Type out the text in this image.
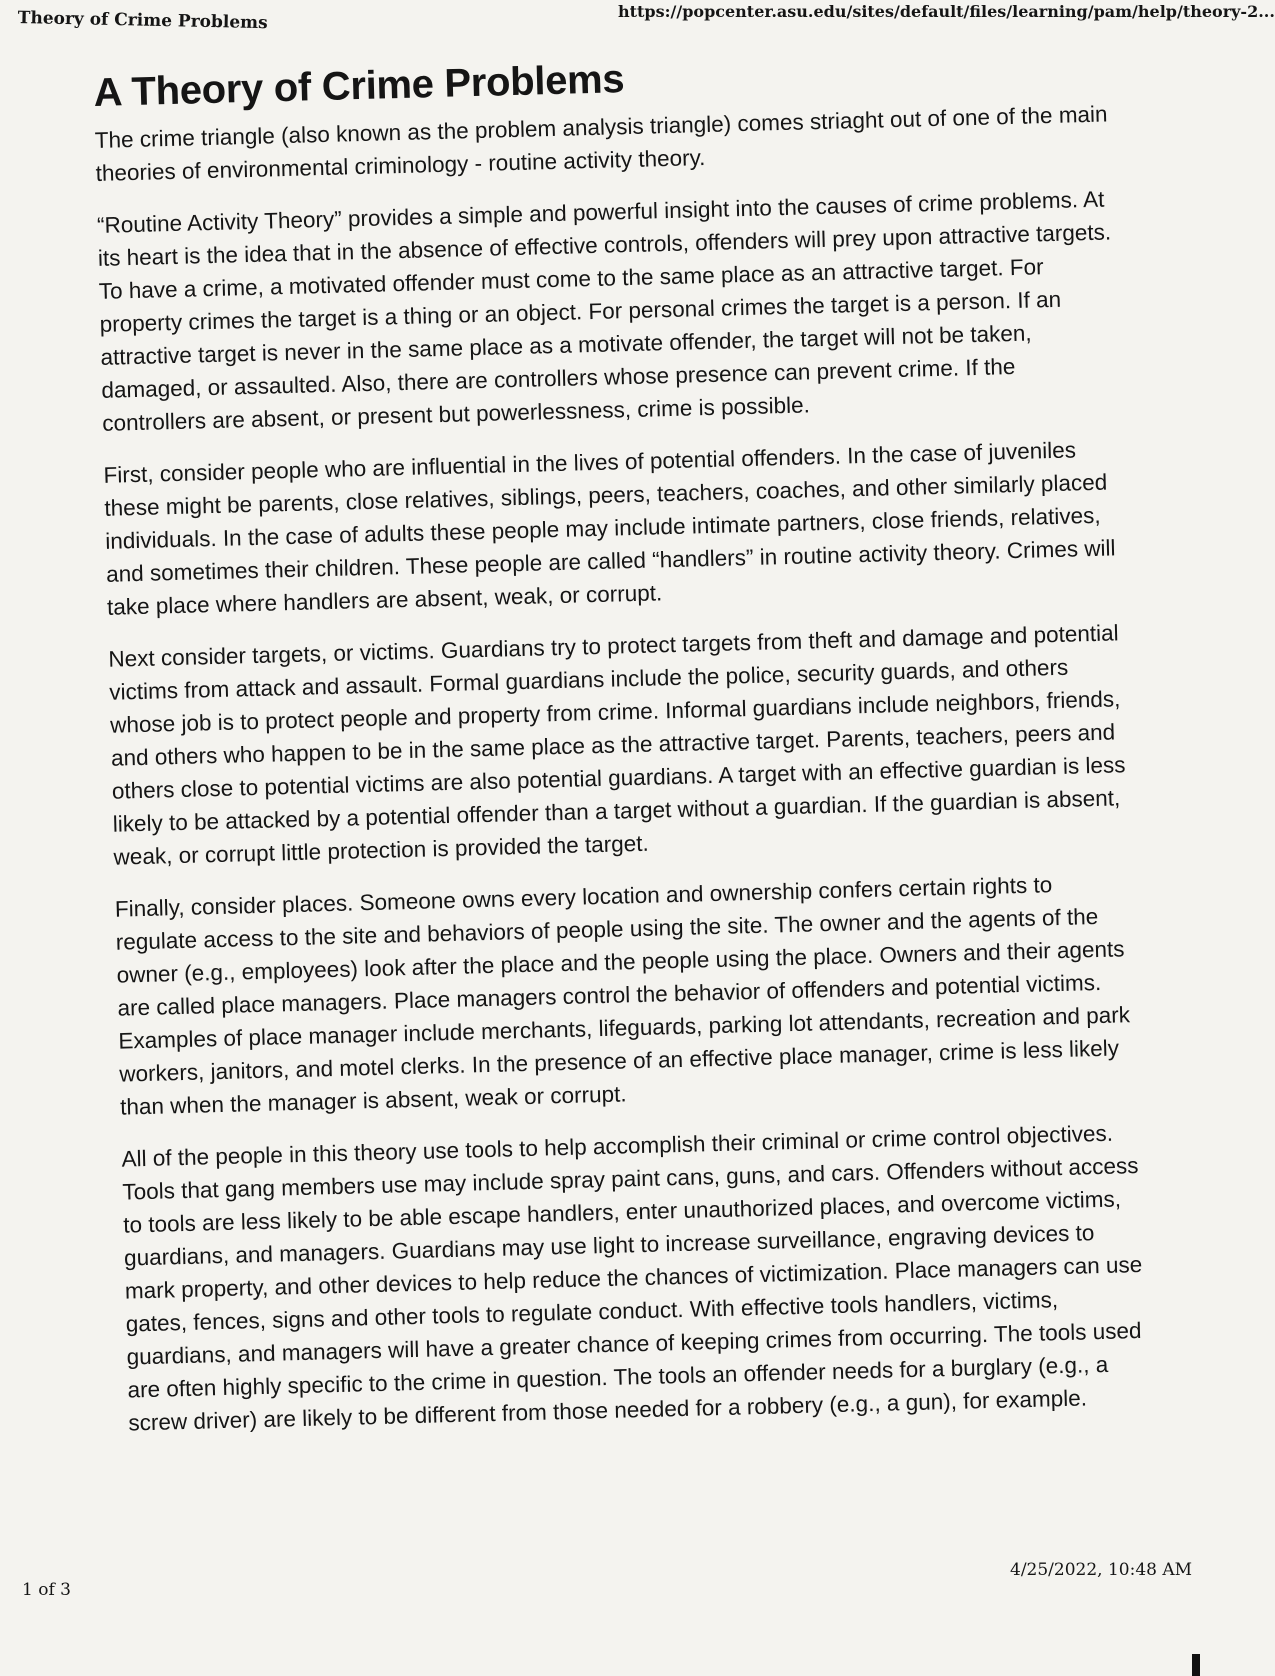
Theory of Crime Problems	https://popcenter.asu.edu/sites/default/files/learning/pam/help/theory-2...
A Theory of Crime Problems

The crime triangle (also known as the problem analysis triangle) comes striaght out of one of the main theories of environmental criminology - routine activity theory.

“Routine Activity Theory” provides a simple and powerful insight into the causes of crime problems. At its heart is the idea that in the absence of effective controls, offenders will prey upon attractive targets. To have a crime, a motivated offender must come to the same place as an attractive target. For property crimes the target is a thing or an object. For personal crimes the target is a person. If an attractive target is never in the same place as a motivate offender, the target will not be taken, damaged, or assaulted. Also, there are controllers whose presence can prevent crime. If the controllers are absent, or present but powerlessness, crime is possible.

First, consider people who are influential in the lives of potential offenders. In the case of juveniles these might be parents, close relatives, siblings, peers, teachers, coaches, and other similarly placed individuals. In the case of adults these people may include intimate partners, close friends, relatives, and sometimes their children. These people are called “handlers” in routine activity theory. Crimes will take place where handlers are absent, weak, or corrupt.

Next consider targets, or victims. Guardians try to protect targets from theft and damage and potential victims from attack and assault. Formal guardians include the police, security guards, and others whose job is to protect people and property from crime. Informal guardians include neighbors, friends, and others who happen to be in the same place as the attractive target. Parents, teachers, peers and others close to potential victims are also potential guardians. A target with an effective guardian is less likely to be attacked by a potential offender than a target without a guardian. If the guardian is absent, weak, or corrupt little protection is provided the target.

Finally, consider places. Someone owns every location and ownership confers certain rights to regulate access to the site and behaviors of people using the site. The owner and the agents of the owner (e.g., employees) look after the place and the people using the place. Owners and their agents are called place managers. Place managers control the behavior of offenders and potential victims. Examples of place manager include merchants, lifeguards, parking lot attendants, recreation and park workers, janitors, and motel clerks. In the presence of an effective place manager, crime is less likely than when the manager is absent, weak or corrupt.

All of the people in this theory use tools to help accomplish their criminal or crime control objectives. Tools that gang members use may include spray paint cans, guns, and cars. Offenders without access to tools are less likely to be able escape handlers, enter unauthorized places, and overcome victims, guardians, and managers. Guardians may use light to increase surveillance, engraving devices to mark property, and other devices to help reduce the chances of victimization. Place managers can use gates, fences, signs and other tools to regulate conduct. With effective tools handlers, victims, guardians, and managers will have a greater chance of keeping crimes from occurring. The tools used are often highly specific to the crime in question. The tools an offender needs for a burglary (e.g., a screw driver) are likely to be different from those needed for a robbery (e.g., a gun), for example.

4/25/2022, 10:48 AM
1 of 3
